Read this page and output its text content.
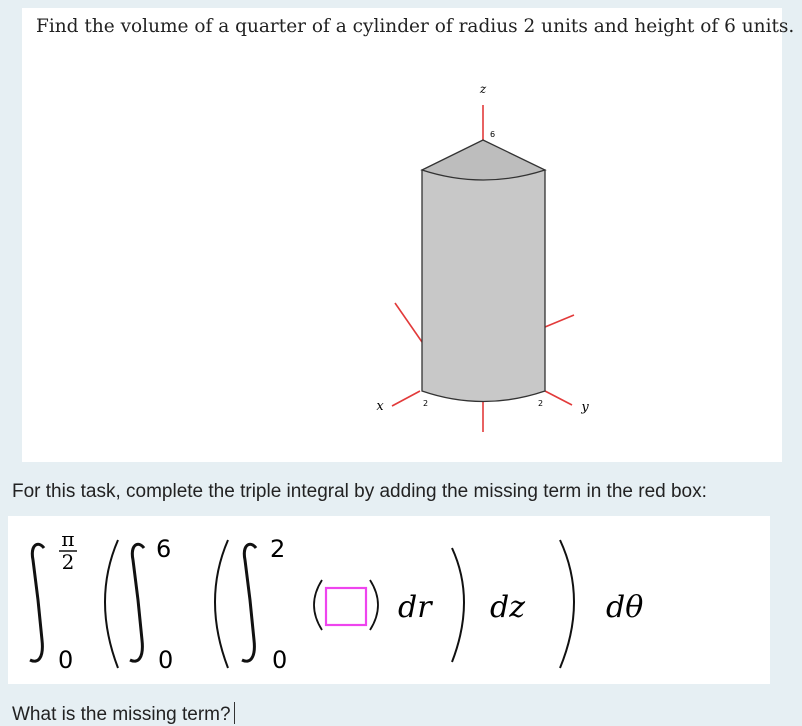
Find the volume of a quarter of a cylinder of radius 2 units and height of 6 units.
z
6
x	2	2	y
For this task, complete the triple integral by adding the missing term in the red box:
π
2
0
6
0
2
0
dr dz	dθ
What is the missing term?
